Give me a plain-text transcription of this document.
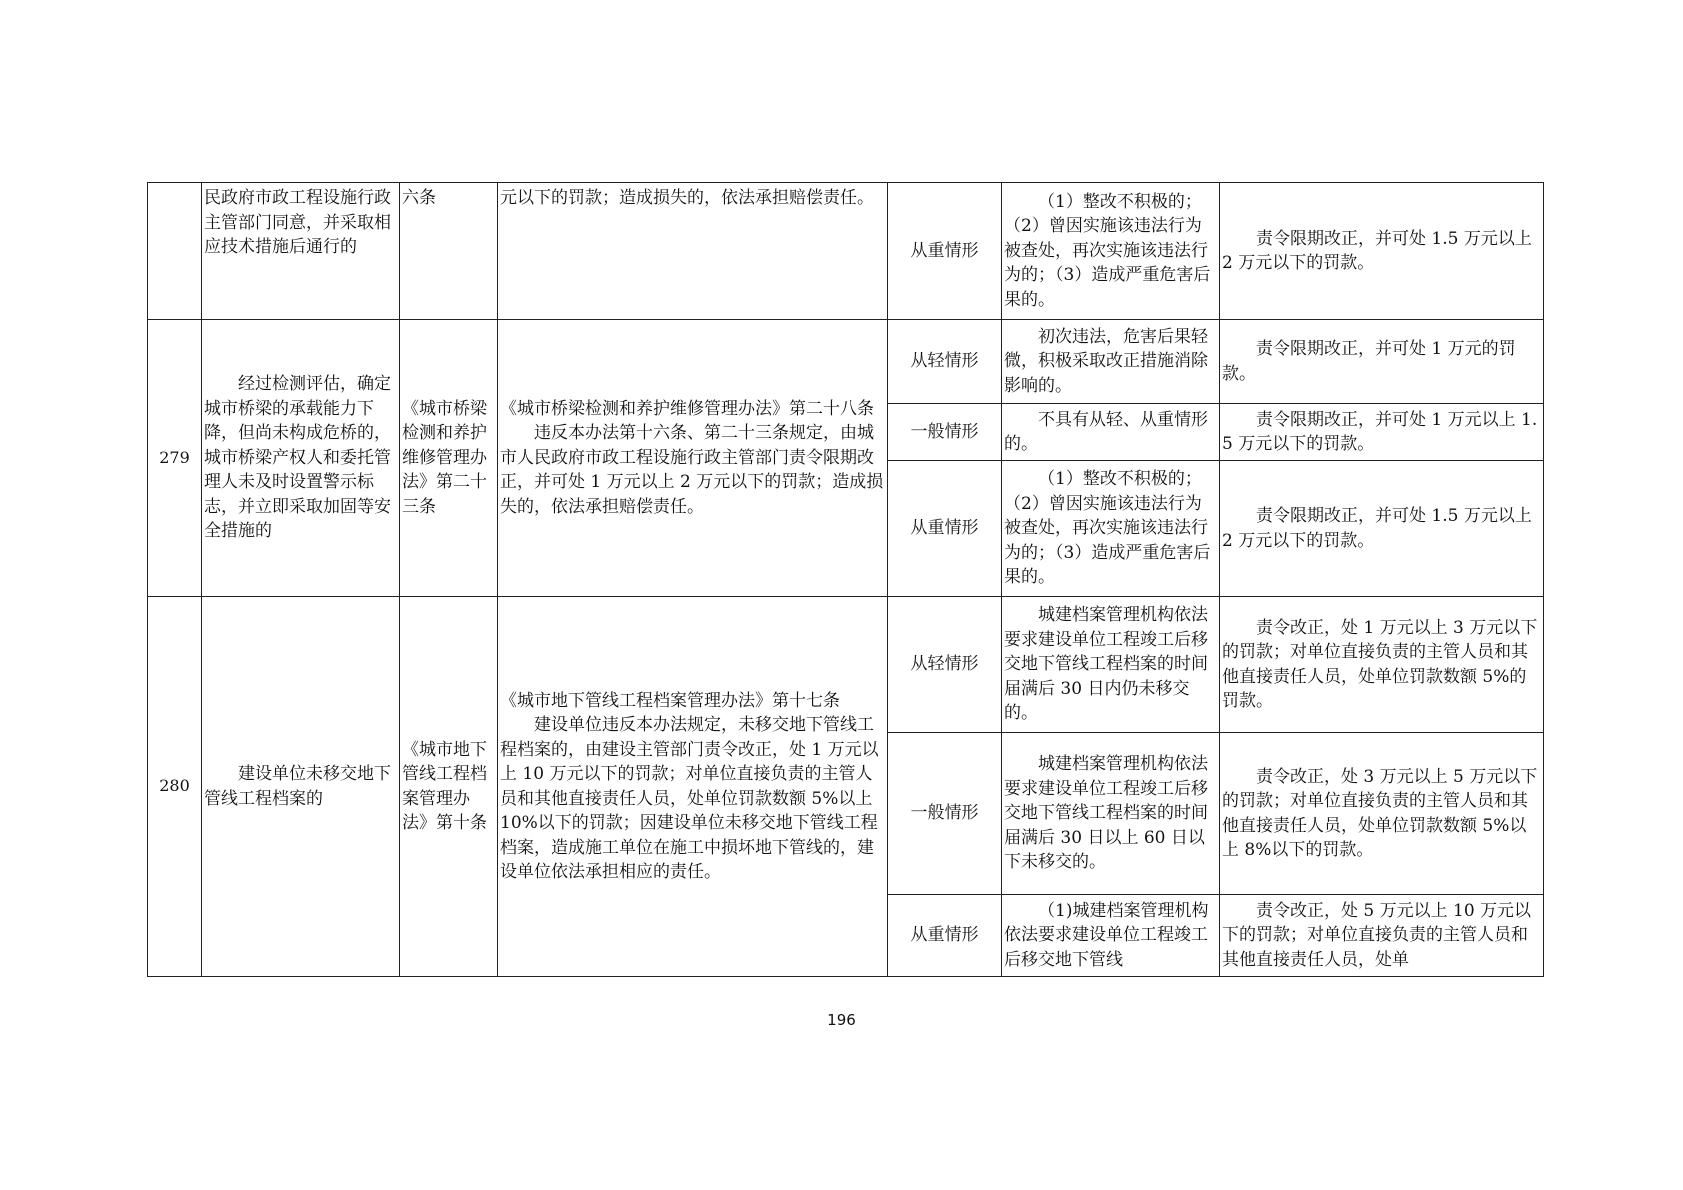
	民政府市政工程设施行政主管部门同意，并采取相应技术措施后通行的	六条	元以下的罚款；造成损失的，依法承担赔偿责任。	从重情形	（1）整改不积极的；（2）曾因实施该违法行为被查处，再次实施该违法行为的；（3）造成严重危害后果的。	责令限期改正，并可处 1.5 万元以上 2 万元以下的罚款。

279	经过检测评估，确定城市桥梁的承载能力下降，但尚未构成危桥的，城市桥梁产权人和委托管理人未及时设置警示标志，并立即采取加固等安全措施的	《城市桥梁检测和养护维修管理办法》第二十三条	《城市桥梁检测和养护维修管理办法》第二十八条
违反本办法第十六条、第二十三条规定，由城市人民政府市政工程设施行政主管部门责令限期改正，并可处 1 万元以上 2 万元以下的罚款；造成损失的，依法承担赔偿责任。	从轻情形	初次违法，危害后果轻微，积极采取改正措施消除影响的。	责令限期改正，并可处 1 万元的罚款。

				一般情形	不具有从轻、从重情形的。	责令限期改正，并可处 1 万元以上 1.5 万元以下的罚款。

				从重情形	（1）整改不积极的；（2）曾因实施该违法行为被查处，再次实施该违法行为的；（3）造成严重危害后果的。	责令限期改正，并可处 1.5 万元以上 2 万元以下的罚款。

280	建设单位未移交地下管线工程档案的	《城市地下管线工程档案管理办法》第十条	《城市地下管线工程档案管理办法》第十七条
建设单位违反本办法规定，未移交地下管线工程档案的，由建设主管部门责令改正，处 1 万元以上 10 万元以下的罚款；对单位直接负责的主管人员和其他直接责任人员，处单位罚款数额 5%以上 10%以下的罚款；因建设单位未移交地下管线工程档案，造成施工单位在施工中损坏地下管线的，建设单位依法承担相应的责任。	从轻情形	城建档案管理机构依法要求建设单位工程竣工后移交地下管线工程档案的时间届满后 30 日内仍未移交的。	责令改正，处 1 万元以上 3 万元以下的罚款；对单位直接负责的主管人员和其他直接责任人员，处单位罚款数额 5%的罚款。

				一般情形	城建档案管理机构依法要求建设单位工程竣工后移交地下管线工程档案的时间届满后 30 日以上 60 日以下未移交的。	责令改正，处 3 万元以上 5 万元以下的罚款；对单位直接负责的主管人员和其他直接责任人员，处单位罚款数额 5%以上 8%以下的罚款。

				从重情形	（1)城建档案管理机构依法要求建设单位工程竣工后移交地下管线	责令改正，处 5 万元以上 10 万元以下的罚款；对单位直接负责的主管人员和其他直接责任人员，处单
196
